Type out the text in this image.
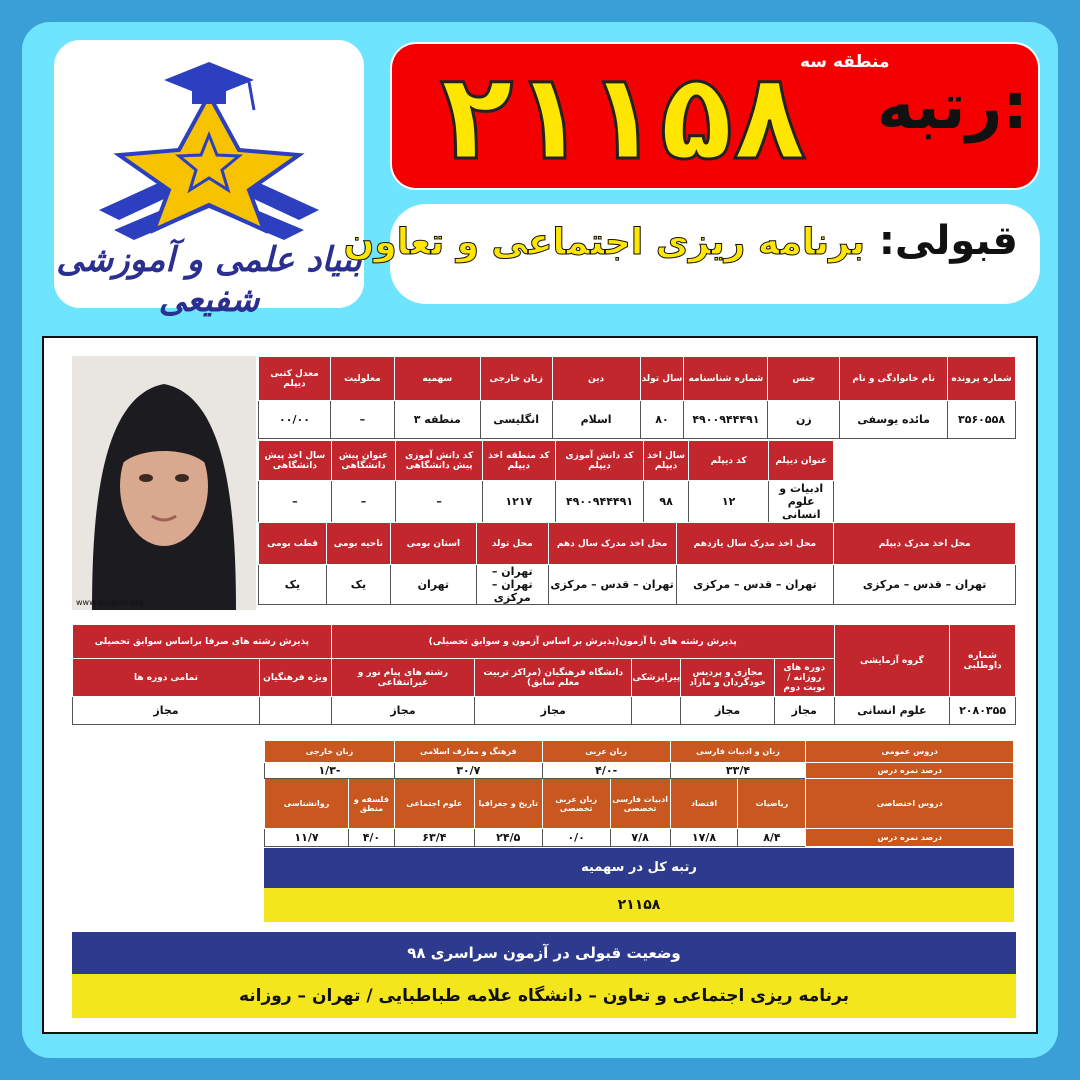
بنیاد علمی و آموزشی شفیعی
منطقه سه
رتبه:
۲۱۱۵۸
قبولی: برنامه ریزی اجتماعی و تعاون
www.sanjesh.org
شماره پرونده	نام خانوادگی و نام	جنس	شماره شناسنامه	سال تولد	دین	زبان خارجی	سهمیه	معلولیت	معدل کتبی دیپلم
۳۵۶۰۵۵۸	مائده یوسفی	زن	۴۹۰۰۹۴۴۴۹۱	۸۰	اسلام	انگلیسی	منطقه ۳	–	۰۰/۰۰
عنوان دیپلم	کد دیپلم	سال اخذ دیپلم	کد دانش آموزی دیپلم	کد منطقه اخذ دیپلم	کد دانش آموزی پیش دانشگاهی	عنوان پیش دانشگاهی	سال اخذ پیش دانشگاهی
ادبیات و علوم انسانی	۱۲	۹۸	۴۹۰۰۹۴۴۴۹۱	۱۲۱۷	–	–	–
محل اخذ مدرک دیپلم	محل اخذ مدرک سال یازدهم	محل اخذ مدرک سال دهم	محل تولد	استان بومی	ناحیه بومی	قطب بومی
تهران – قدس – مرکزی	تهران – قدس – مرکزی	تهران – قدس – مرکزی	تهران – تهران – مرکزی	تهران	یک	یک
شماره داوطلبی	گروه آزمایشی	پذیرش رشته های با آزمون(پذیرش بر اساس آزمون و سوابق تحصیلی)					پذیرش رشته های صرفا براساس سوابق تحصیلی	
		دوره های روزانه / نوبت دوم	مجازی و پردیس خودگردان و مازاد	پیراپزشکی	دانشگاه فرهنگیان (مراکز تربیت معلم سابق)	رشته های پیام نور و غیرانتفاعی	ویژه فرهنگیان	تمامی دوره ها
۲۰۸۰۳۵۵	علوم انسانی	مجاز	مجاز		مجاز	مجاز		مجاز
دروس عمومی	زبان و ادبیات فارسی		زبان عربی		فرهنگ و معارف اسلامی		زبان خارجی	
درصد نمره درس	۳۳/۴		-۴/۰		۳۰/۷		-۱/۳	
دروس اختصاصی	ریاضیات	اقتصاد	ادبیات فارسی تخصصی	زبان عربی تخصصی	تاریخ و جغرافیا	علوم اجتماعی	فلسفه و منطق	روانشناسی
درصد نمره درس	۸/۴	۱۷/۸	۷/۸	۰/۰	۲۴/۵	۶۳/۴	۴/۰	۱۱/۷
رتبه کل در سهمیه
۲۱۱۵۸
وضعیت قبولی در آزمون سراسری ۹۸
برنامه ریزی اجتماعی و تعاون – دانشگاه علامه طباطبایی / تهران – روزانه
